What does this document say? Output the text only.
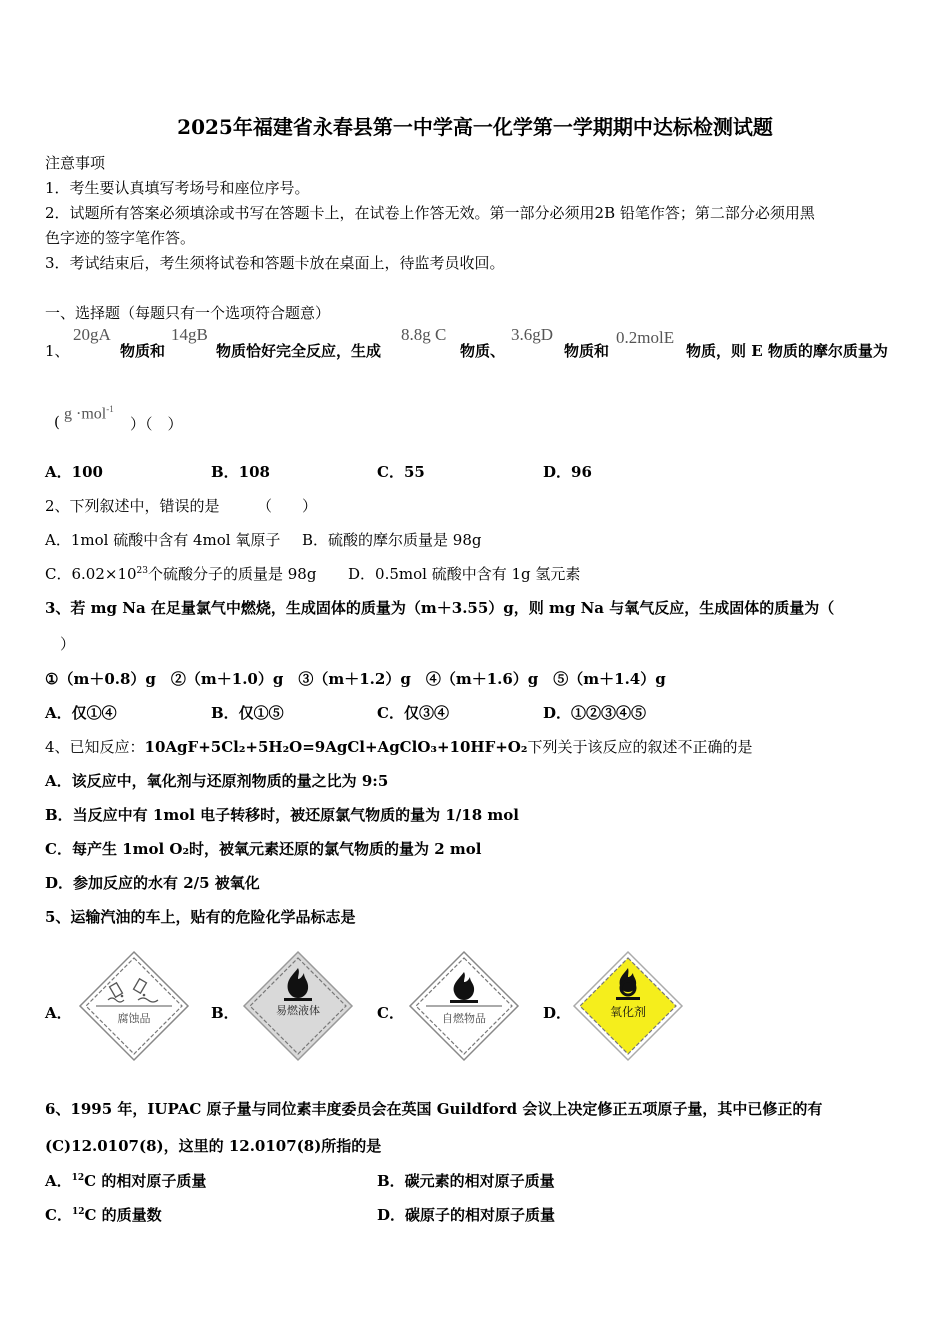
2025年福建省永春县第一中学高一化学第一学期期中达标检测试题
注意事项
1．考生要认真填写考场号和座位序号。
2．试题所有答案必须填涂或书写在答题卡上，在试卷上作答无效。第一部分必须用2B 铅笔作答；第二部分必须用黑
色字迹的签字笔作答。
3．考试结束后，考生须将试卷和答题卡放在桌面上，待监考员收回。
一、选择题（每题只有一个选项符合题意）
1、
20gA
物质和
14gB
物质恰好完全反应，生成
8.8g C
物质、
3.6gD
物质和
0.2molE
物质，则 E 物质的摩尔质量为
( g ·mol$^{-1}$
）（　）
A．100	B．108	C．55	D．96
2、下列叙述中，错误的是　　　（　　）
A．1mol 硫酸中含有 4mol 氧原子 B．硫酸的摩尔质量是 98g
C．$6.02\times 10^{23}$个硫酸分子的质量是 98g D．0.5mol 硫酸中含有 1g 氢元素
3、若 mg Na 在足量氯气中燃烧，生成固体的质量为（m＋3.55）g，则 mg Na 与氧气反应，生成固体的质量为（
）
①（m＋0.8）g　②（m＋1.0）g　③（m＋1.2）g　④（m＋1.6）g　⑤（m＋1.4）g
A．仅①④	B．仅①⑤	C．仅③④	D．①②③④⑤
4、已知反应：10AgF+5Cl₂+5H₂O=9AgCl+AgClO₃+10HF+O₂下列关于该反应的叙述不正确的是
A．该反应中，氧化剂与还原剂物质的量之比为 9:5
B．当反应中有 1mol 电子转移时，被还原氯气物质的量为 1/18 mol
C．每产生 1mol O₂时，被氧元素还原的氯气物质的量为 2 mol
D．参加反应的水有 2/5 被氧化
5、运输汽油的车上，贴有的危险化学品标志是
A．	B．	C．	D．
腐蚀品
易燃液体
自燃物品	氧化剂
6、1995 年，IUPAC 原子量与同位素丰度委员会在英国 Guildford 会议上决定修正五项原子量，其中已修正的有
(C)12.0107(8)，这里的 12.0107(8)所指的是
A．$^{12}$C 的相对原子质量	B．碳元素的相对原子质量
C．$^{12}$C 的质量数	D．碳原子的相对原子质量
